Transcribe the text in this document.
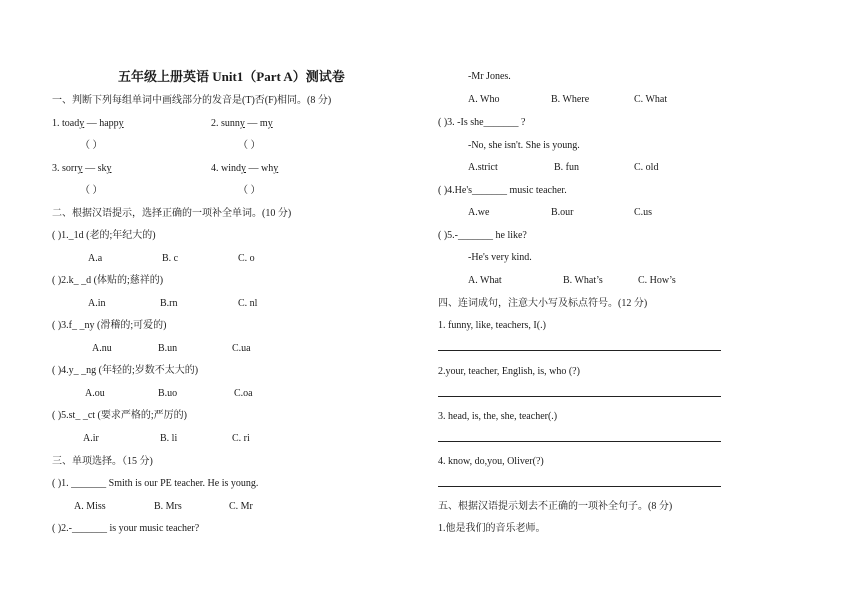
五年级上册英语 Unit1（Part A）测试卷
一、判断下列每组单词中画线部分的发音是(T)否(F)相同。(8 分)
1. toady — happy	2. sunny — my
（ ）	（ ）
3. sorry — sky	4. windy — why
（ ）	（ ）
二、根据汉语提示，选择正确的一项补全单词。(10 分)
( )1._1d (老的;年纪大的)
A.a	B. c	C. o
( )2.k_ _d (体贴的;慈祥的)
A.in	B.rn	C. nl
( )3.f_ _ny (滑稽的;可爱的)
A.nu	B.un	C.ua
( )4.y_ _ng (年轻的;岁数不太大的)
A.ou	B.uo	C.oa
( )5.st_ _ct (要求严格的;严厉的)
A.ir	B. li	C. ri
三、单项选择。（15 分)
( )1. _______ Smith is our PE teacher. He is young.
A. Miss	B. Mrs	C. Mr
( )2.-_______ is your music teacher?
-Mr Jones.
A. Who	B. Where	C. What
( )3. -Is she_______ ?
-No, she isn't. She is young.
A.strict	B. fun	C. old
( )4.He's_______ music teacher.
A.we	B.our	C.us
( )5.-_______ he like?
-He's very kind.
A. What	B. What’s	C. How’s
四、连词成句，注意大小写及标点符号。(12 分)
1. funny, like, teachers, I(.)
2.your, teacher, English, is, who (?)
3. head, is, the, she, teacher(.)
4. know, do,you, Oliver(?)
五、根据汉语提示划去不正确的一项补全句子。(8 分)
1.他是我们的音乐老师。
